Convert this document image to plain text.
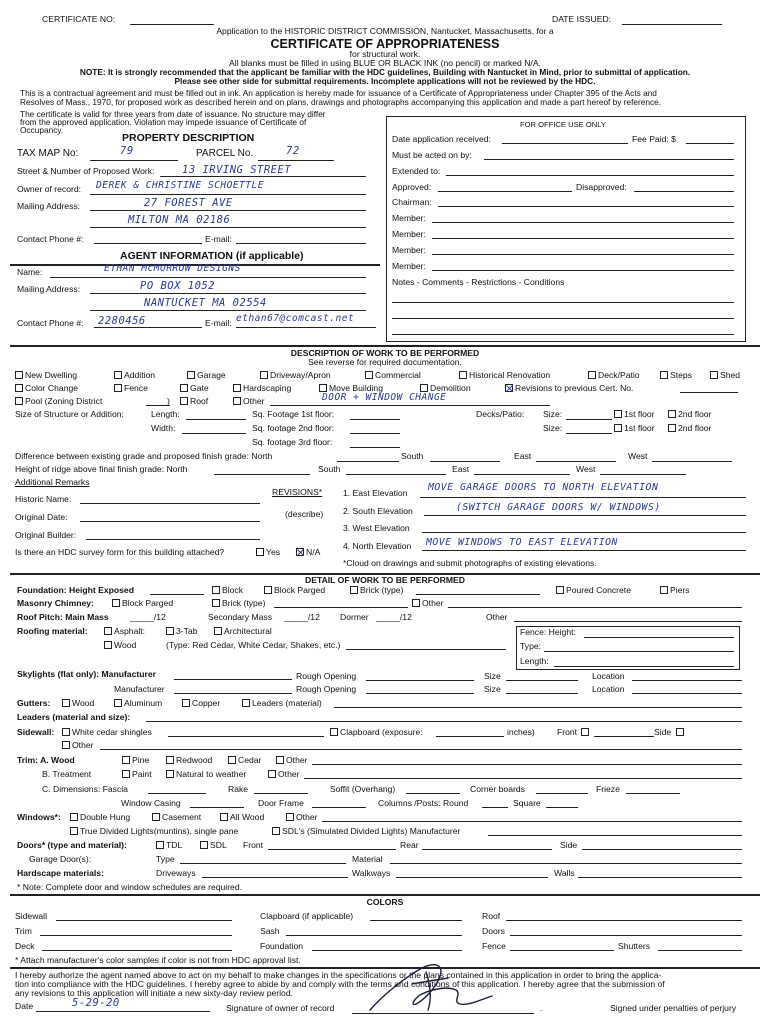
CERTIFICATE NO:	DATE ISSUED:
Application to the HISTORIC DISTRICT COMMISSION, Nantucket, Massachusetts, for a
CERTIFICATE OF APPROPRIATENESS
for structural work.
All blanks must be filled in using BLUE OR BLACK INK (no pencil) or marked N/A.
NOTE: It is strongly recommended that the applicant be familiar with the HDC guidelines, Building with Nantucket in Mind, prior to submittal of application.
Please see other side for submittal requirements. Incomplete applications will not be reviewed by the HDC.
This is a contractual agreement and must be filled out in ink. An application is hereby made for issuance of a Certificate of Appropriateness under Chapter 395 of the Acts and
Resolves of Mass., 1970, for proposed work as described herein and on plans, drawings and photographs accompanying this application and made a part hereof by reference.
The certificate is valid for three years from date of issuance. No structure may differ
from the approved application. Violation may impede issuance of Certificate of
Occupancy.
PROPERTY DESCRIPTION
TAX MAP No:	79	PARCEL No.	72
Street & Number of Proposed Work:	13 IRVING STREET
Owner of record: DEREK & CHRISTINE SCHOETTLE
Mailing Address:	27 FOREST AVE
MILTON MA 02186
Contact Phone #:	E-mail:
AGENT INFORMATION (if applicable)
Name:	ETHAN McMORROW DESIGNS
Mailing Address:	PO BOX 1052
NANTUCKET MA 02554
Contact Phone #: 2280456	E-mail: ethan67@comcast.net
FOR OFFICE USE ONLY
Date application received:	Fee Paid: $
Must be acted on by:
Extended to:
Approved:	Disapproved:
Chairman:
Member:
Member:
Member:
Member:
Notes - Comments - Restrictions - Conditions
DESCRIPTION OF WORK TO BE PERFORMED
See reverse for required documentation.
New Dwelling	Addition	Garage	Driveway/Apron	Commercial	Historical Renovation	Deck/Patio	Steps	Shed
Color Change	Fence	Gate	Hardscaping	Move Building	Demolition	Revisions to previous Cert. No.
Pool (Zoning District	)	Roof	Other	DOOR + WINDOW CHANGE
Size of Structure or Addition:	Length:	Sq. Footage 1st floor:	Decks/Patio: Size:	1st floor	2nd floor
Width:	Sq. footage 2nd floor:	Size:	1st floor	2nd floor
Sq. footage 3rd floor:
Difference between existing grade and proposed finish grade: North	South	East	West
Height of ridge above final finish grade: North	South	East	West
Additional Remarks
REVISIONS*
Historic Name:
(describe)
Original Date:
Original Builder:
Is there an HDC survey form for this building attached?	Yes	N/A
1. East Elevation MOVE GARAGE DOORS TO NORTH ELEVATION
2. South Elevation	(SWITCH GARAGE DOORS W/ WINDOWS)
3. West Elevation
4. North Elevation MOVE WINDOWS TO EAST ELEVATION
*Cloud on drawings and submit photographs of existing elevations.
DETAIL OF WORK TO BE PERFORMED
Foundation: Height Exposed	Block	Block Parged	Brick (type)	Poured Concrete	Piers
Masonry Chimney:	Block Parged	Brick (type)	Other
Roof Pitch: Main Mass _____/12	Secondary Mass _____/12 Dormer _____/12	Other
Roofing material:	Asphalt:	3-Tab	Architectural
Wood	(Type: Red Cedar, White Cedar, Shakes, etc.)
Fence: Height:
Type:
Length:
Skylights (flat only): Manufacturer	Rough Opening	Size	Location
Manufacturer	Rough Opening	Size	Location
Gutters:	Wood	Aluminum	Copper	Leaders (material)
Leaders (material and size):
Sidewall:	White cedar shingles	Clapboard (exposure:	inches)	Front	Side
Other
Trim: A. Wood	Pine	Redwood	Cedar	Other
B. Treatment	Paint	Natural to weather	Other
C. Dimensions: Fascia	Rake	Soffit (Overhang)	Corner boards	Frieze
Window Casing	Door Frame	Columns /Posts: Round	Square
Windows*:	Double Hung	Casement	All Wood	Other
True Divided Lights(muntins), single pane	SDL's (Simulated Divided Lights) Manufacturer
Doors* (type and material):	TDL	SDL Front	Rear	Side
Garage Door(s):	Type	Material
Hardscape materials:	Driveways	Walkways	Walls
* Note: Complete door and window schedules are required.
COLORS
Sidewall	Clapboard (if applicable)	Roof
Trim	Sash	Doors
Deck	Foundation	Fence	Shutters
* Attach manufacturer's color samples if color is not from HDC approval list.
I hereby authorize the agent named above to act on my behalf to make changes in the specifications or the plans contained in this application in order to bring the applica-
tion into compliance with the HDC guidelines. I hereby agree to abide by and comply with the terms and conditions of this application. I hereby agree that the submission of
any revisions to this application will initiate a new sixty-day review period.
Date	5-29-20	Signature of owner of record	.	Signed under penalties of perjury
